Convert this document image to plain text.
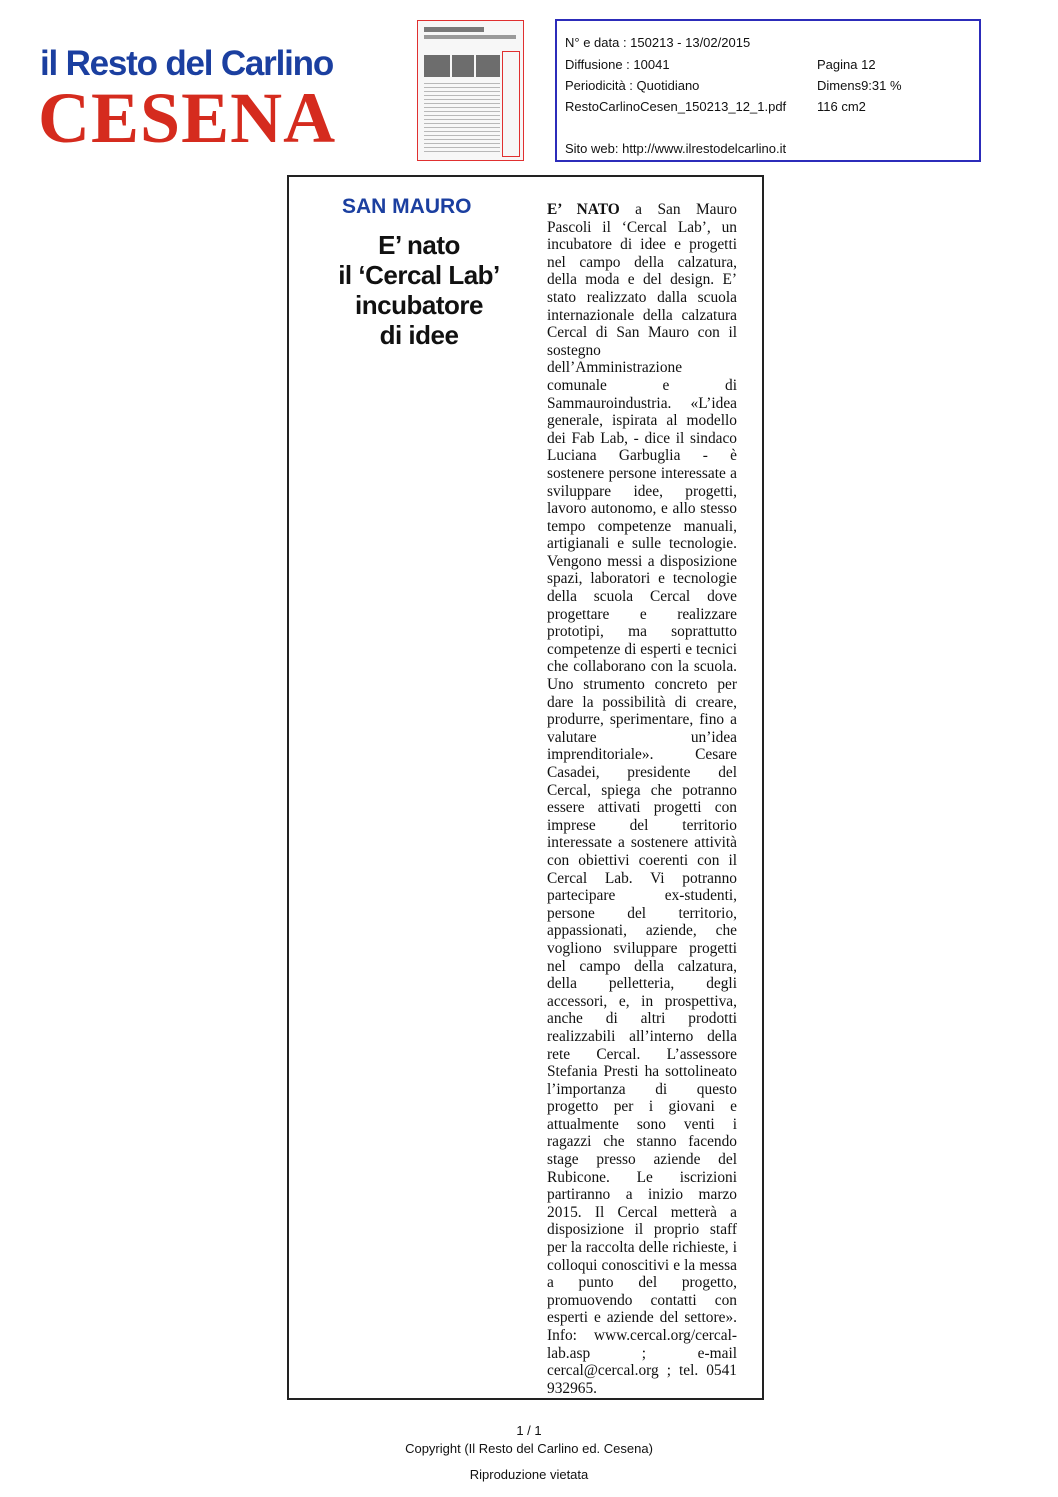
il Resto del Carlino

CESENA

N° e data : 150213 - 13/02/2015
Diffusione : 10041	Pagina 12
Periodicità : Quotidiano	Dimens9:31 %
RestoCarlinoCesen_150213_12_1.pdf 116 cm2
Sito web: http://www.ilrestodelcarlino.it

SAN MAURO

E’ nato
il ‘Cercal Lab’
incubatore
di idee

E’ NATO a San Mauro Pascoli il ‘Cercal Lab’, un incubatore di idee e progetti nel campo della calzatura, della moda e del design. E’ stato realizzato dalla scuola internazionale della calzatura Cercal di San Mauro con il sostegno dell’Amministrazione comunale e di Sammauroindustria. «L’idea generale, ispirata al modello dei Fab Lab, - dice il sindaco Luciana Garbuglia - è sostenere persone interessate a sviluppare idee, progetti, lavoro autonomo, e allo stesso tempo competenze manuali, artigianali e sulle tecnologie. Vengono messi a disposizione spazi, laboratori e tecnologie della scuola Cercal dove progettare e realizzare prototipi, ma soprattutto competenze di esperti e tecnici che collaborano con la scuola. Uno strumento concreto per dare la possibilità di creare, produrre, sperimentare, fino a valutare un’idea imprenditoriale». Cesare Casadei, presidente del Cercal, spiega che potranno essere attivati progetti con imprese del territorio interessate a sostenere attività con obiettivi coerenti con il Cercal Lab. Vi potranno partecipare ex-studenti, persone del territorio, appassionati, aziende, che vogliono sviluppare progetti nel campo della calzatura, della pelletteria, degli accessori, e, in prospettiva, anche di altri prodotti realizzabili all’interno della rete Cercal. L’assessore Stefania Presti ha sottolineato l’importanza di questo progetto per i giovani e attualmente sono venti i ragazzi che stanno facendo stage presso aziende del Rubicone. Le iscrizioni partiranno a inizio marzo 2015. Il Cercal metterà a disposizione il proprio staff per la raccolta delle richieste, i colloqui conoscitivi e la messa a punto del progetto, promuovendo contatti con esperti e aziende del settore». Info: www.cercal.org/cercal-lab.asp ; e-mail cercal@cercal.org ; tel. 0541 932965.

1 / 1
Copyright (Il Resto del Carlino ed. Cesena)
Riproduzione vietata
